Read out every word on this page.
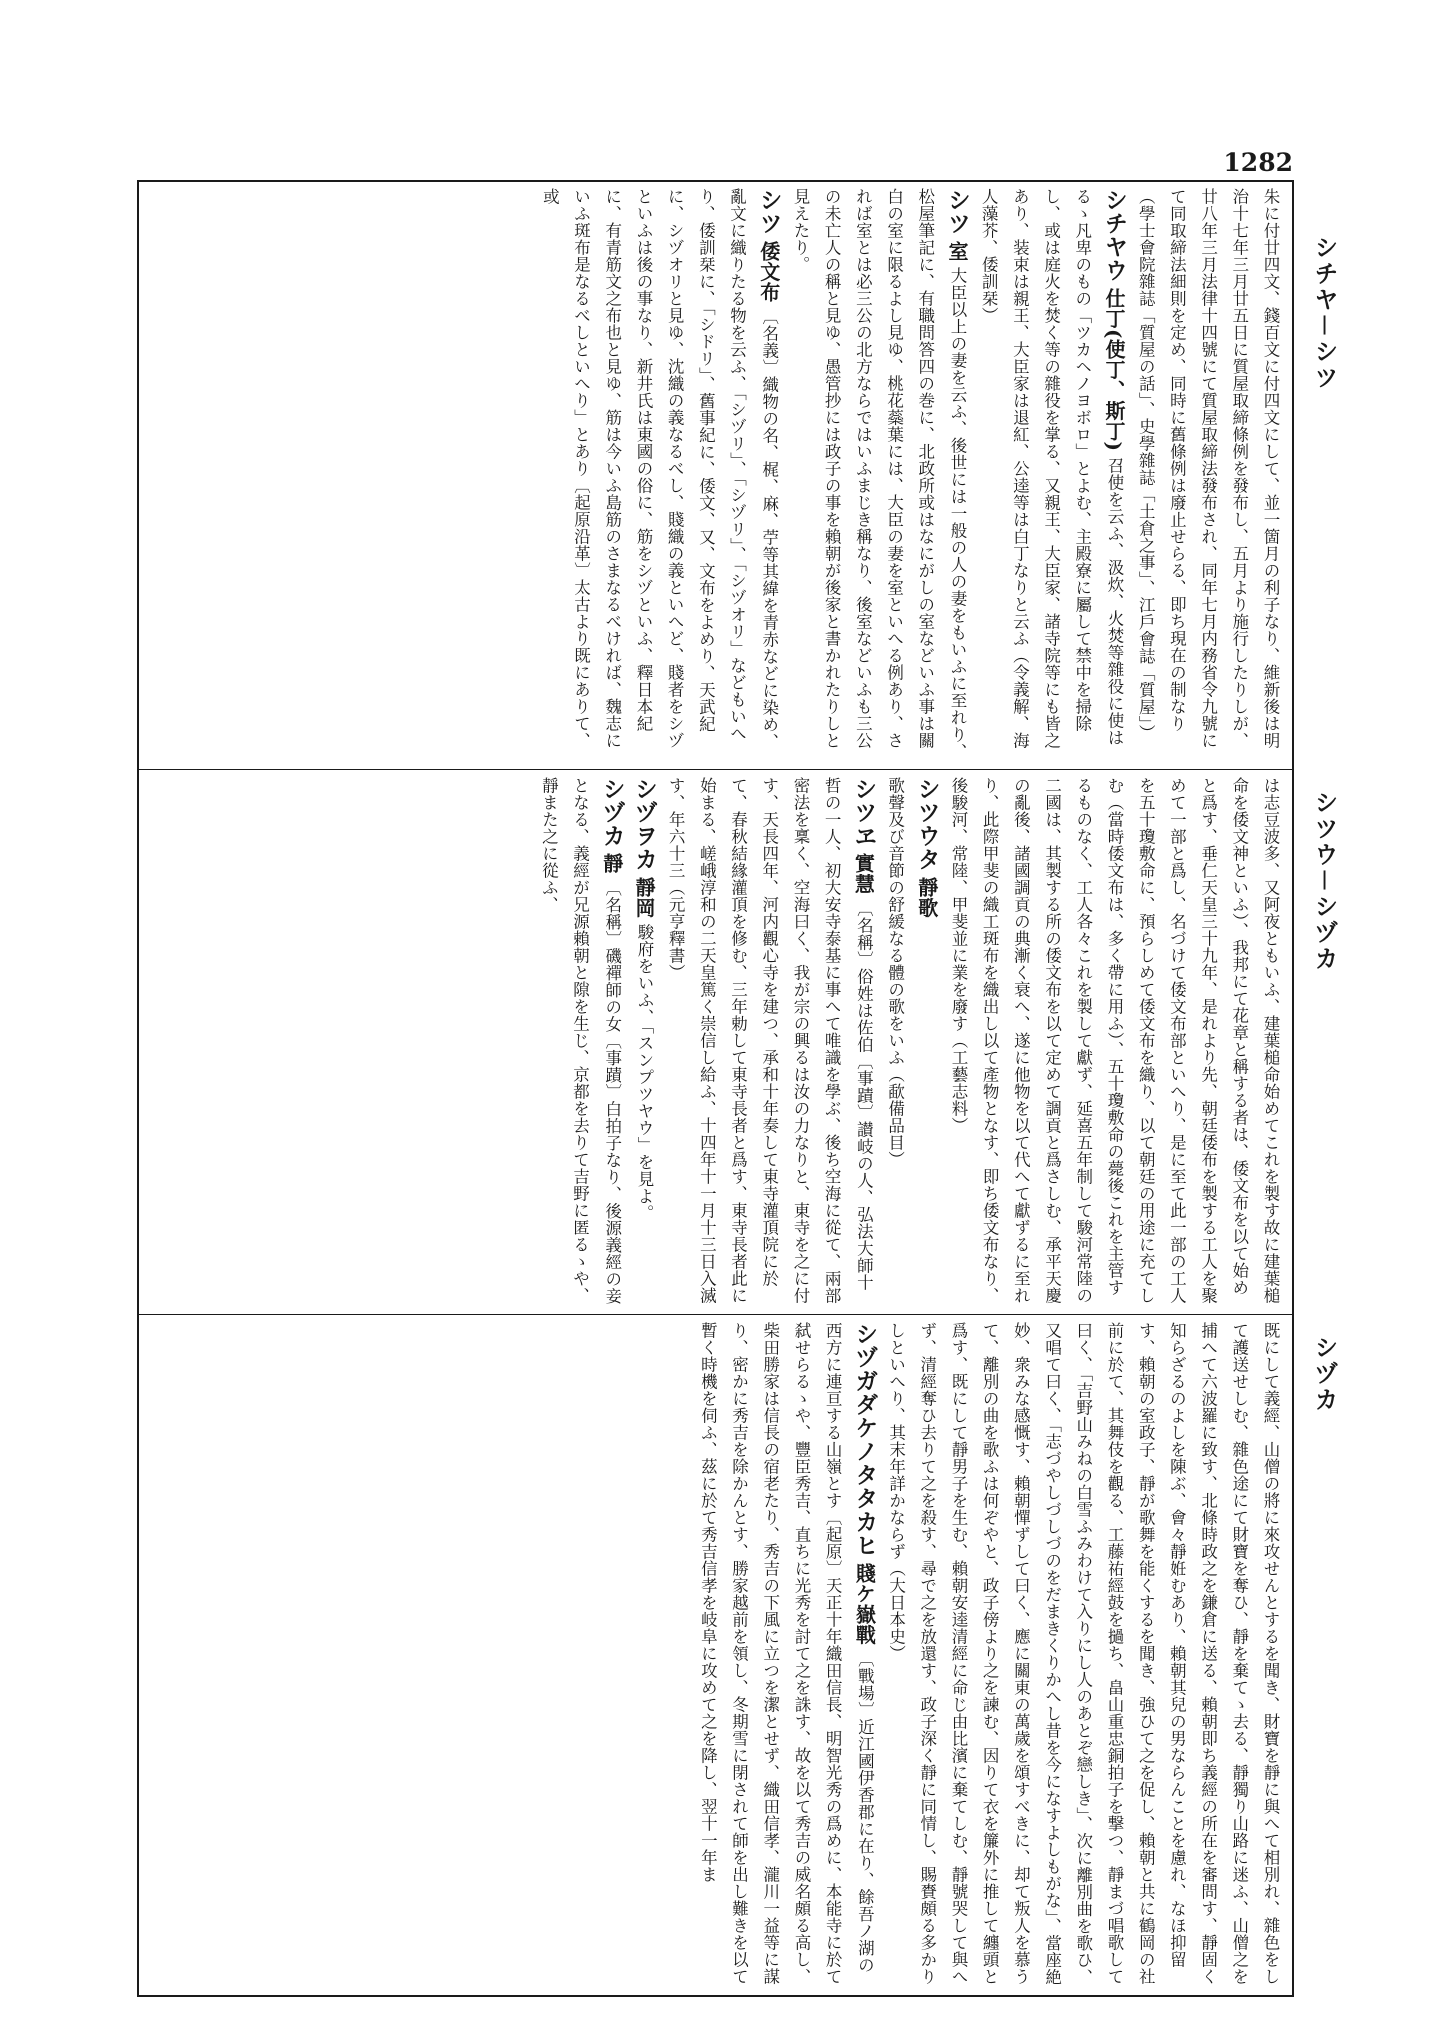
1282
シチヤ－シツ
シツウ－シヅカ
シヅカ
朱に付廿四文、錢百文に付四文にして、並一箇月の利子なり、維新後は明治十七年三月廿五日に質屋取締條例を發布し、五月より施行したりしが、廿八年三月法律十四號にて質屋取締法發布され、同年七月内務省令九號にて同取締法細則を定め、同時に舊條例は廢止せらる、即ち現在の制なり（學士會院雜誌「質屋の話」、史學雜誌「土倉之事」、江戶會誌「質屋」）
シチヤウ 仕丁(使丁、斯丁) 召使を云ふ、汲炊、火焚等雜役に使はるゝ凡卑のもの「ツカヘノヨボロ」とよむ、主殿寮に屬して禁中を掃除し、或は庭火を焚く等の雜役を掌る、又親王、大臣家、諸寺院等にも皆之あり、装束は親王、大臣家は退紅、公逵等は白丁なりと云ふ（令義解、海人藻芥、倭訓栞）
シツ 室 大臣以上の妻を云ふ、後世には一般の人の妻をもいふに至れり、松屋筆記に、有職問答四の巻に、北政所或はなにがしの室などいふ事は關白の室に限るよし見ゆ、桃花蘂葉には、大臣の妻を室といへる例あり、されば室とは必三公の北方ならではいふまじき稱なり、後室などいふも三公の未亡人の稱と見ゆ、愚管抄には政子の事を賴朝が後家と書かれたりしと見えたり。
シツ 倭文布 〔名義〕織物の名、梶、麻、苧等其緯を青赤などに染め、亂文に織りたる物を云ふ、「シヅリ」、「シヅリ」、「シヅオリ」などもいへり、倭訓栞に、「シドリ」、舊事紀に、倭文、又、文布をよめり、天武紀に、シヅオリと見ゆ、沈織の義なるべし、賤織の義といへど、賤者をシヅといふは後の事なり、新井氏は東國の俗に、筋をシヅといふ、釋日本紀に、有青筋文之布也と見ゆ、筋は今いふ島筋のさまなるべければ、魏志にいふ斑布是なるべしといへり」とあり〔起原沿革〕太古より既にありて、或
は志豆波多、又阿夜ともいふ、建葉槌命始めてこれを製す故に建葉槌命を倭文神といふ）、我邦にて花章と稱する者は、倭文布を以て始めと爲す、垂仁天皇三十九年、是れより先、朝廷倭布を製する工人を聚めて一部と爲し、名づけて倭文布部といへり、是に至て此一部の工人を五十瓊敷命に、預らしめて倭文布を織り、以て朝廷の用途に充てしむ（當時倭文布は、多く帶に用ふ）、五十瓊敷命の薨後これを主管するものなく、工人各々これを製して獻ず、延喜五年制して駿河常陸の二國は、其製する所の倭文布を以て定めて調貢と爲さしむ、承平天慶の亂後、諸國調貢の典漸く衰へ、遂に他物を以て代へて獻ずるに至れり、此際甲斐の織工斑布を織出し以て產物となす、即ち倭文布なり、後駿河、常陸、甲斐並に業を廢す（工藝志料）
シツウタ 靜歌 歌聲及び音節の舒緩なる體の歌をいふ（歃備品目）
シツヱ 實慧 〔名稱〕俗姓は佐伯〔事蹟〕讃岐の人、弘法大師十哲の一人、初大安寺泰基に事へて唯識を學ぶ、後ち空海に從て、兩部密法を稟く、空海曰く、我が宗の興るは汝の力なりと、東寺を之に付す、天長四年、河内觀心寺を建つ、承和十年奏して東寺灌頂院に於て、春秋結緣灌頂を修む、三年勅して東寺長者と爲す、東寺長者此に始まる、嵯峨淳和の二天皇篤く崇信し給ふ、十四年十一月十三日入滅す、年六十三（元亨釋書）
シヅヲカ 靜岡 駿府をいふ、「スンプツヤウ」を見よ。
シヅカ 靜 〔名稱〕磯禪師の女〔事蹟〕白拍子なり、後源義經の妾となる、義經が兄源賴朝と隙を生じ、京都を去りて吉野に匿るゝや、靜また之に從ふ、
既にして義經、山僧の將に來攻せんとするを聞き、財寶を靜に與へて相別れ、雜色をして護送せしむ、雜色途にて財寶を奪ひ、靜を棄てゝ去る、靜獨り山路に迷ふ、山僧之を捕へて六波羅に致す、北條時政之を鎌倉に送る、賴朝即ち義經の所在を審問す、靜固く知らざるのよしを陳ぶ、會々靜姙むあり、賴朝其兒の男ならんことを慮れ、なほ抑留す、賴朝の室政子、靜が歌舞を能くするを聞き、強ひて之を促し、賴朝と共に鶴岡の社前に於て、其舞伎を觀る、工藤祐經鼓を撾ち、畠山重忠銅拍子を撃つ、靜まづ唱歌して曰く、「吉野山みねの白雪ふみわけて入りにし人のあとぞ戀しき」、次に離別曲を歌ひ、又唱て曰く、「志づやしづしづのをだまきくりかへし昔を今になすよしもがな」、當座絶妙、衆みな感慨す、賴朝憚ずして曰く、應に關東の萬歲を頌すべきに、却て叛人を慕うて、離別の曲を歌ふは何ぞやと、政子傍より之を諫む、因りて衣を簾外に推して纏頭と爲す、既にして靜男子を生む、賴朝安逵清經に命じ由比濱に棄てしむ、靜號哭して與へず、清經奪ひ去りて之を殺す、尋で之を放還す、政子深く靜に同情し、賜賚頗る多かりしといへり、其末年詳かならず（大日本史）
シヅガダケノタタカヒ 賤ケ嶽戰 〔戰場〕近江國伊香郡に在り、餘吾ノ湖の西方に連亘する山嶺とす〔起原〕天正十年織田信長、明智光秀の爲めに、本能寺に於て弑せらるゝや、豐臣秀吉、直ちに光秀を討て之を誅す、故を以て秀吉の威名頗る高し、柴田勝家は信長の宿老たり、秀吉の下風に立つを潔とせず、織田信孝、瀧川一益等に謀り、密かに秀吉を除かんとす、勝家越前を領し、冬期雪に閉されて師を出し難きを以て暫く時機を伺ふ、茲に於て秀吉信孝を岐阜に攻めて之を降し、翌十一年ま
